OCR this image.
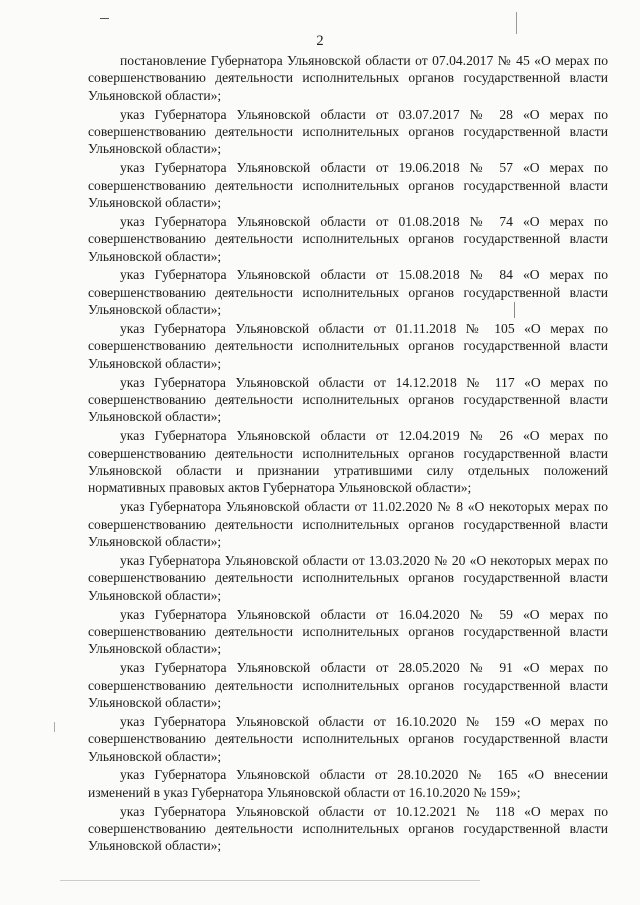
2

постановление Губернатора Ульяновской области от 07.04.2017 № 45 «О мерах по совершенствованию деятельности исполнительных органов государственной власти Ульяновской области»;

указ Губернатора Ульяновской области от 03.07.2017 № 28 «О мерах по совершенствованию деятельности исполнительных органов государственной власти Ульяновской области»;

указ Губернатора Ульяновской области от 19.06.2018 № 57 «О мерах по совершенствованию деятельности исполнительных органов государственной власти Ульяновской области»;

указ Губернатора Ульяновской области от 01.08.2018 № 74 «О мерах по совершенствованию деятельности исполнительных органов государственной власти Ульяновской области»;

указ Губернатора Ульяновской области от 15.08.2018 № 84 «О мерах по совершенствованию деятельности исполнительных органов государственной власти Ульяновской области»;

указ Губернатора Ульяновской области от 01.11.2018 № 105 «О мерах по совершенствованию деятельности исполнительных органов государственной власти Ульяновской области»;

указ Губернатора Ульяновской области от 14.12.2018 № 117 «О мерах по совершенствованию деятельности исполнительных органов государственной власти Ульяновской области»;

указ Губернатора Ульяновской области от 12.04.2019 № 26 «О мерах по совершенствованию деятельности исполнительных органов государственной власти Ульяновской области и признании утратившими силу отдельных положений нормативных правовых актов Губернатора Ульяновской области»;

указ Губернатора Ульяновской области от 11.02.2020 № 8 «О некоторых мерах по совершенствованию деятельности исполнительных органов государственной власти Ульяновской области»;

указ Губернатора Ульяновской области от 13.03.2020 № 20 «О некоторых мерах по совершенствованию деятельности исполнительных органов государственной власти Ульяновской области»;

указ Губернатора Ульяновской области от 16.04.2020 № 59 «О мерах по совершенствованию деятельности исполнительных органов государственной власти Ульяновской области»;

указ Губернатора Ульяновской области от 28.05.2020 № 91 «О мерах по совершенствованию деятельности исполнительных органов государственной власти Ульяновской области»;

указ Губернатора Ульяновской области от 16.10.2020 № 159 «О мерах по совершенствованию деятельности исполнительных органов государственной власти Ульяновской области»;

указ Губернатора Ульяновской области от 28.10.2020 № 165 «О внесении изменений в указ Губернатора Ульяновской области от 16.10.2020 № 159»;

указ Губернатора Ульяновской области от 10.12.2021 № 118 «О мерах по совершенствованию деятельности исполнительных органов государственной власти Ульяновской области»;
